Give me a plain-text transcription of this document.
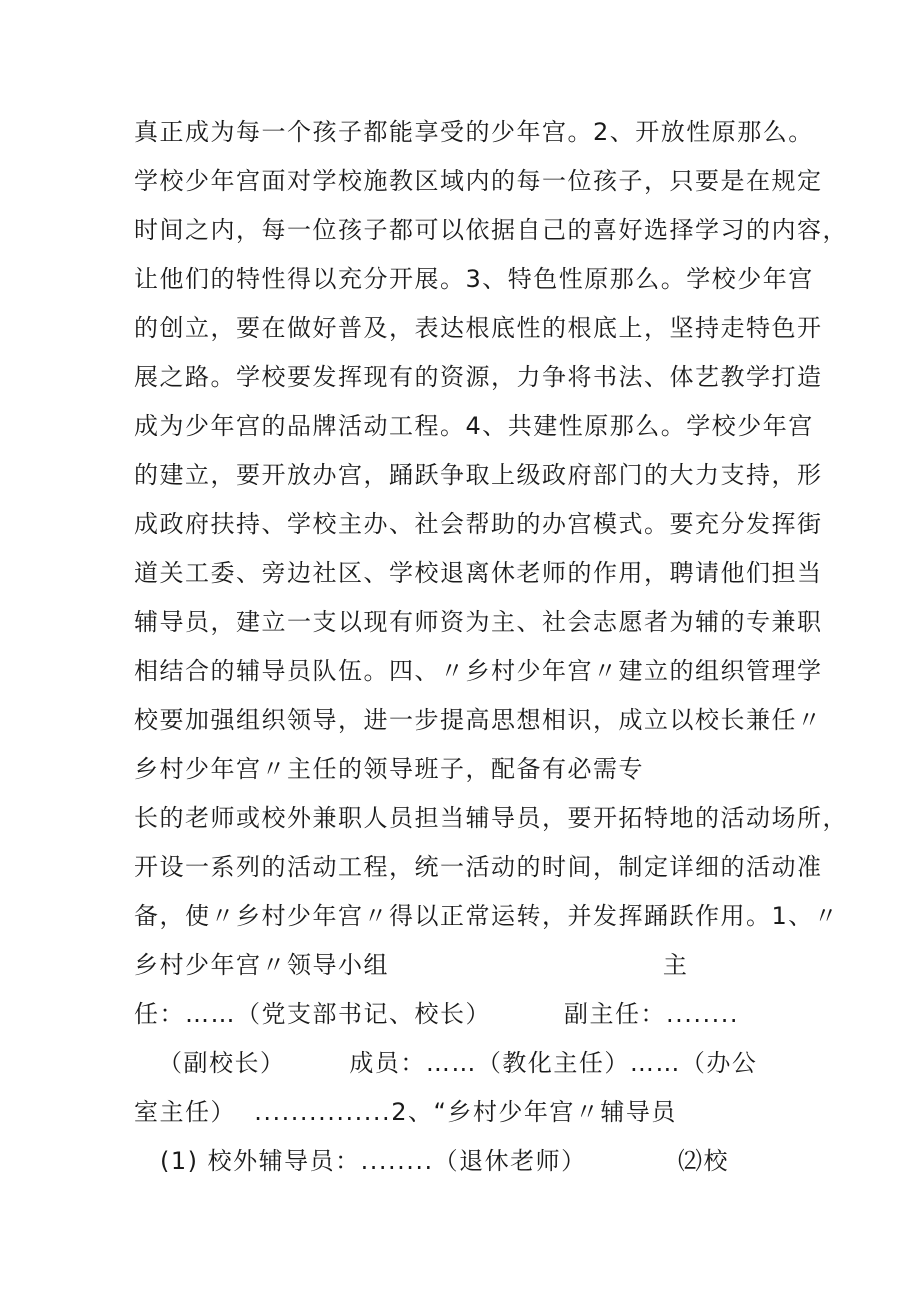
真正成为每一个孩子都能享受的少年宫。2、开放性原那么。
学校少年宫面对学校施教区域内的每一位孩子，只要是在规定
时间之内，每一位孩子都可以依据自己的喜好选择学习的内容，
让他们的特性得以充分开展。3、特色性原那么。学校少年宫
的创立，要在做好普及，表达根底性的根底上，坚持走特色开
展之路。学校要发挥现有的资源，力争将书法、体艺教学打造
成为少年宫的品牌活动工程。4、共建性原那么。学校少年宫
的建立，要开放办宫，踊跃争取上级政府部门的大力支持，形
成政府扶持、学校主办、社会帮助的办宫模式。要充分发挥街
道关工委、旁边社区、学校退离休老师的作用，聘请他们担当
辅导员，建立一支以现有师资为主、社会志愿者为辅的专兼职
相结合的辅导员队伍。四、〃乡村少年宫〃建立的组织管理学
校要加强组织领导，进一步提高思想相识，成立以校长兼任〃
乡村少年宫〃主任的领导班子，配备有必需专
长的老师或校外兼职人员担当辅导员，要开拓特地的活动场所，
开设一系列的活动工程，统一活动的时间，制定详细的活动准
备，使〃乡村少年宫〃得以正常运转，并发挥踊跃作用。1、〃
乡村少年宫〃领导小组                              主
任：……（党支部书记、校长）        副主任：........
（副校长）       成员：……（教化主任）……（办公
室主任）  ...............2、“乡村少年宫〃辅导员
(1) 校外辅导员：........（退休老师）          ⑵校
